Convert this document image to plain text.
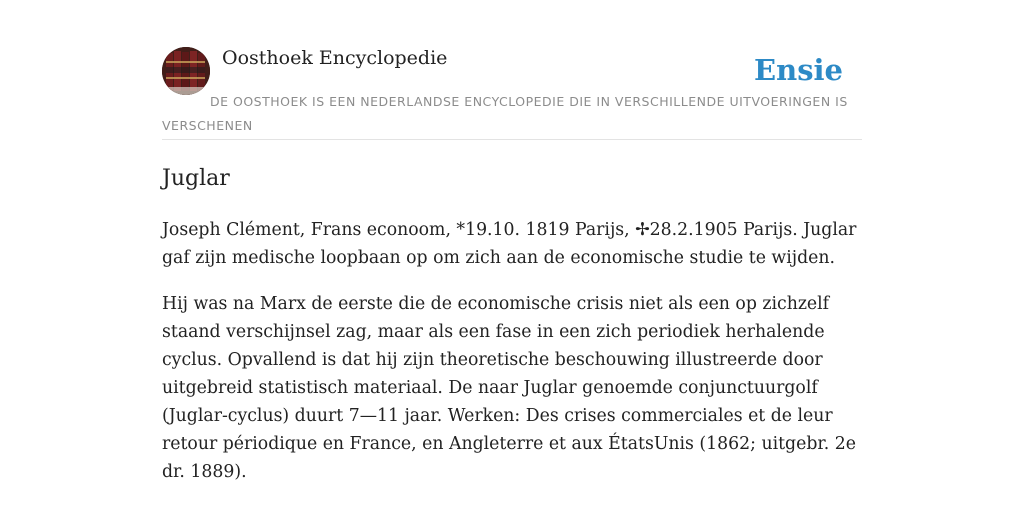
Oosthoek Encyclopedie	Ensie
DE OOSTHOEK IS EEN NEDERLANDSE ENCYCLOPEDIE DIE IN VERSCHILLENDE UITVOERINGEN IS VERSCHENEN
Juglar

Joseph Clément, Frans econoom, *19.10. 1819 Parijs, ✢28.2.1905 Parijs. Juglar gaf zijn medische loopbaan op om zich aan de economische studie te wijden.

Hij was na Marx de eerste die de economische crisis niet als een op zichzelf staand verschijnsel zag, maar als een fase in een zich periodiek herhalende cyclus. Opvallend is dat hij zijn theoretische beschouwing illustreerde door uitgebreid statistisch materiaal. De naar Juglar genoemde conjunctuurgolf (Juglar-cyclus) duurt 7—11 jaar. Werken: Des crises commerciales et de leur retour périodique en France, en Angleterre et aux ÉtatsUnis (1862; uitgebr. 2e dr. 1889).
